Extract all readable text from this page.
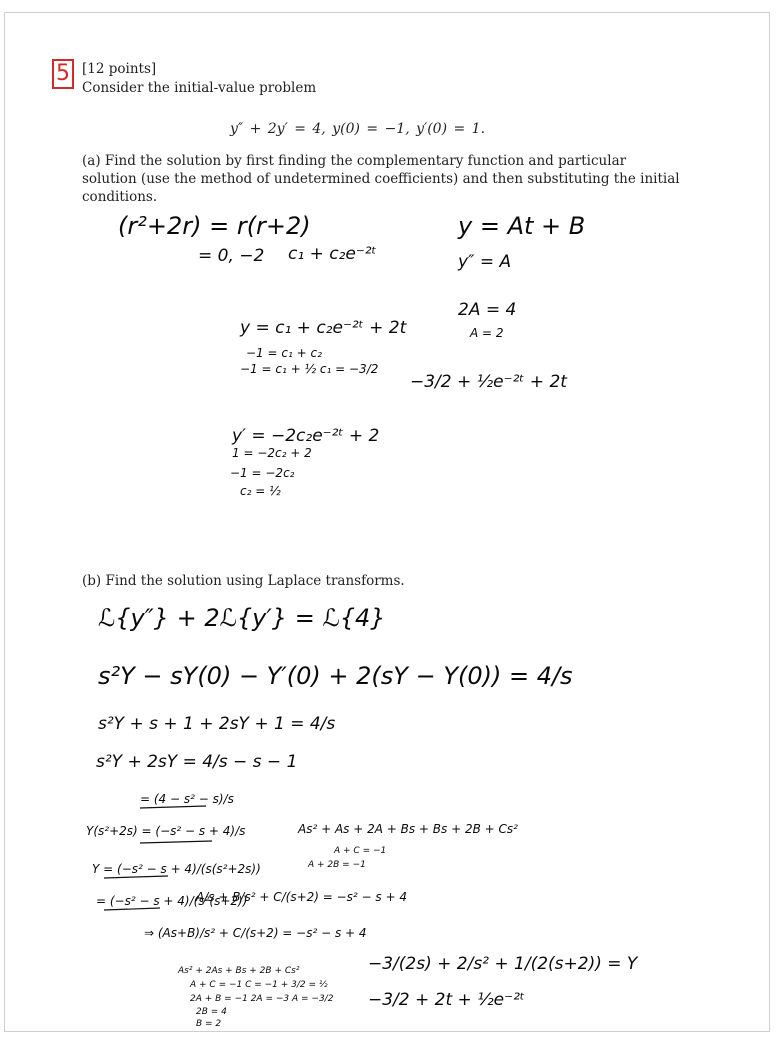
5 [12 points]
Consider the initial-value problem
y″ + 2y′ = 4, y(0) = −1, y′(0) = 1.
(a) Find the solution by first finding the complementary function and particular solution (use the method of undetermined coefficients) and then substituting the initial conditions.
(r²+2r) = r(r+2)
= 0, −2 c₁ + c₂e⁻²ᵗ
y = At + B
y″ = A
2A = 4
A = 2
y = c₁ + c₂e⁻²ᵗ + 2t
−1 = c₁ + c₂
−1 = c₁ + ½ c₁ = −3/2
−3/2 + ½e⁻²ᵗ + 2t
y′ = −2c₂e⁻²ᵗ + 2
1 = −2c₂ + 2
−1 = −2c₂
c₂ = ½
(b) Find the solution using Laplace transforms.
ℒ{y″} + 2ℒ{y′} = ℒ{4}
s²Y − sY(0) − Y′(0) + 2(sY − Y(0)) = 4/s
s²Y + s + 1 + 2sY + 1 = 4/s
s²Y + 2sY = 4/s − s − 1
= (4 − s² − s)/s
Y(s²+2s) = (−s² − s + 4)/s
Y = (−s² − s + 4)/(s(s²+2s))
= (−s² − s + 4)/(s²(s+2))
A/s + B/s² + C/(s+2) = −s² − s + 4
⇒ (As+B)/s² + C/(s+2) = −s² − s + 4
As² + As + 2A + Bs + Bs + 2B + Cs²
A + C = −1
A + 2B = −1
As² + 2As + Bs + 2B + Cs²
A + C = −1 C = −1 + 3/2 = ½
2A + B = −1 2A = −3 A = −3/2
2B = 4
B = 2
−3/(2s) + 2/s² + 1/(2(s+2)) = Y
−3/2 + 2t + ½e⁻²ᵗ
